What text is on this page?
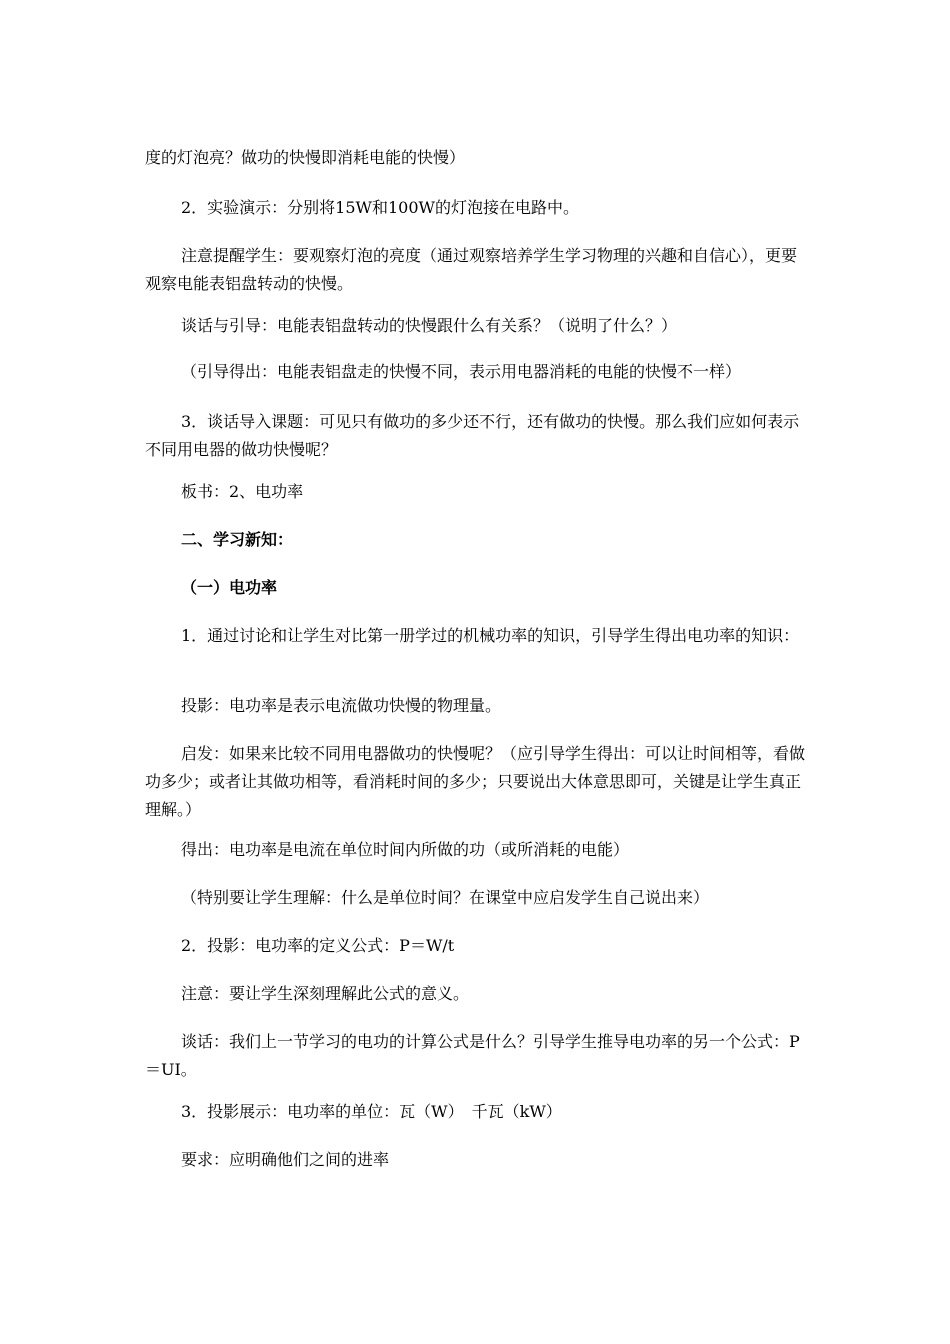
度的灯泡亮？做功的快慢即消耗电能的快慢）

2．实验演示：分别将15W和100W的灯泡接在电路中。

注意提醒学生：要观察灯泡的亮度（通过观察培养学生学习物理的兴趣和自信心），更要观察电能表铝盘转动的快慢。

谈话与引导：电能表铝盘转动的快慢跟什么有关系？（说明了什么？）

（引导得出：电能表铝盘走的快慢不同，表示用电器消耗的电能的快慢不一样）

3．谈话导入课题：可见只有做功的多少还不行，还有做功的快慢。那么我们应如何表示不同用电器的做功快慢呢？

板书：2、电功率

二、学习新知：

（一）电功率

1．通过讨论和让学生对比第一册学过的机械功率的知识，引导学生得出电功率的知识：

投影：电功率是表示电流做功快慢的物理量。

启发：如果来比较不同用电器做功的快慢呢？（应引导学生得出：可以让时间相等，看做功多少；或者让其做功相等，看消耗时间的多少；只要说出大体意思即可，关键是让学生真正理解。）

得出：电功率是电流在单位时间内所做的功（或所消耗的电能）

（特别要让学生理解：什么是单位时间？在课堂中应启发学生自己说出来）

2．投影：电功率的定义公式：P＝W/t

注意：要让学生深刻理解此公式的意义。

谈话：我们上一节学习的电功的计算公式是什么？引导学生推导电功率的另一个公式：P＝UI。

3．投影展示：电功率的单位：瓦（W）　千瓦（kW）

要求：应明确他们之间的进率
